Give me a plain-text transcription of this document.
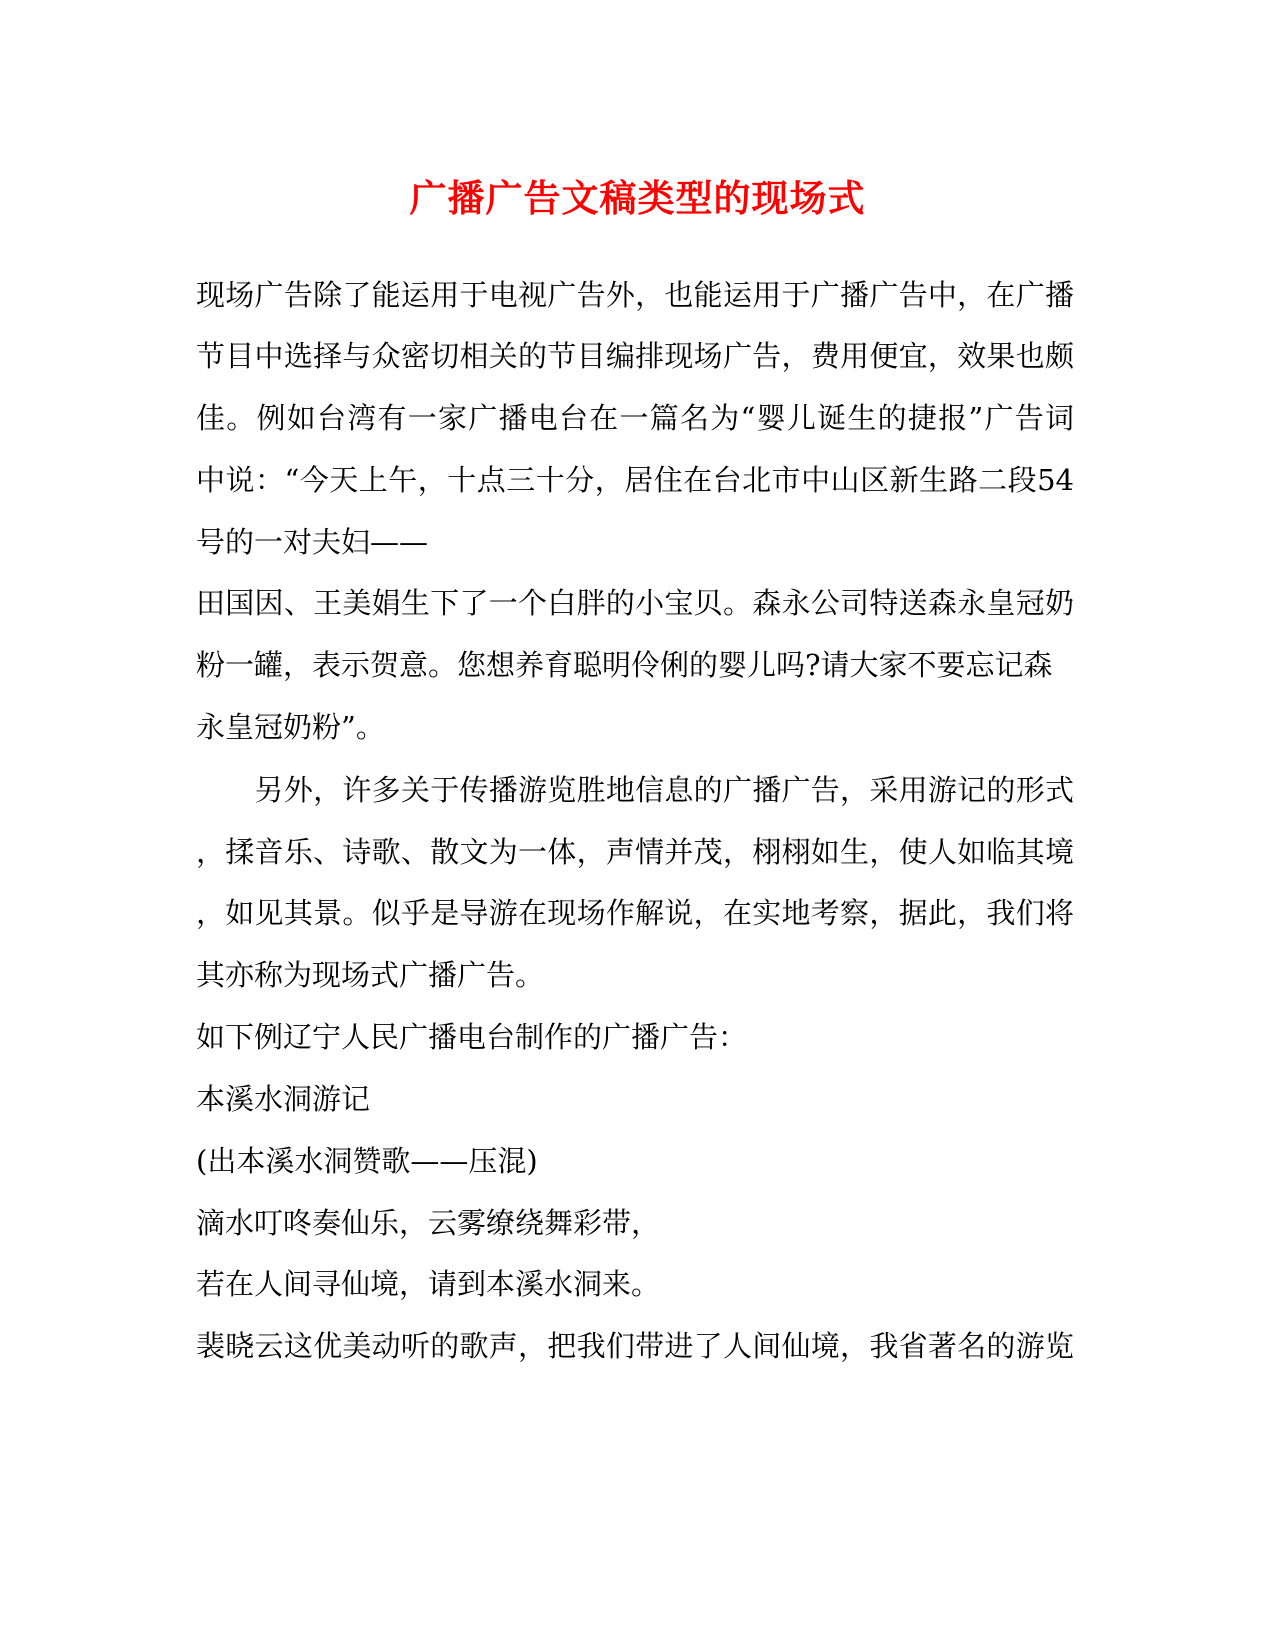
广播广告文稿类型的现场式
现场广告除了能运用于电视广告外，也能运用于广播广告中，在广播
节目中选择与众密切相关的节目编排现场广告，费用便宜，效果也颇
佳。例如台湾有一家广播电台在一篇名为“婴儿诞生的捷报”广告词
中说：“今天上午，十点三十分，居住在台北市中山区新生路二段54
号的一对夫妇——
田国因、王美娟生下了一个白胖的小宝贝。森永公司特送森永皇冠奶
粉一罐，表示贺意。您想养育聪明伶俐的婴儿吗?请大家不要忘记森
永皇冠奶粉”。
　　另外，许多关于传播游览胜地信息的广播广告，采用游记的形式
，揉音乐、诗歌、散文为一体，声情并茂，栩栩如生，使人如临其境
，如见其景。似乎是导游在现场作解说，在实地考察，据此，我们将
其亦称为现场式广播广告。
如下例辽宁人民广播电台制作的广播广告：
本溪水洞游记
(出本溪水洞赞歌——压混)
滴水叮咚奏仙乐，云雾缭绕舞彩带，
若在人间寻仙境，请到本溪水洞来。
裴晓云这优美动听的歌声，把我们带进了人间仙境，我省著名的游览
